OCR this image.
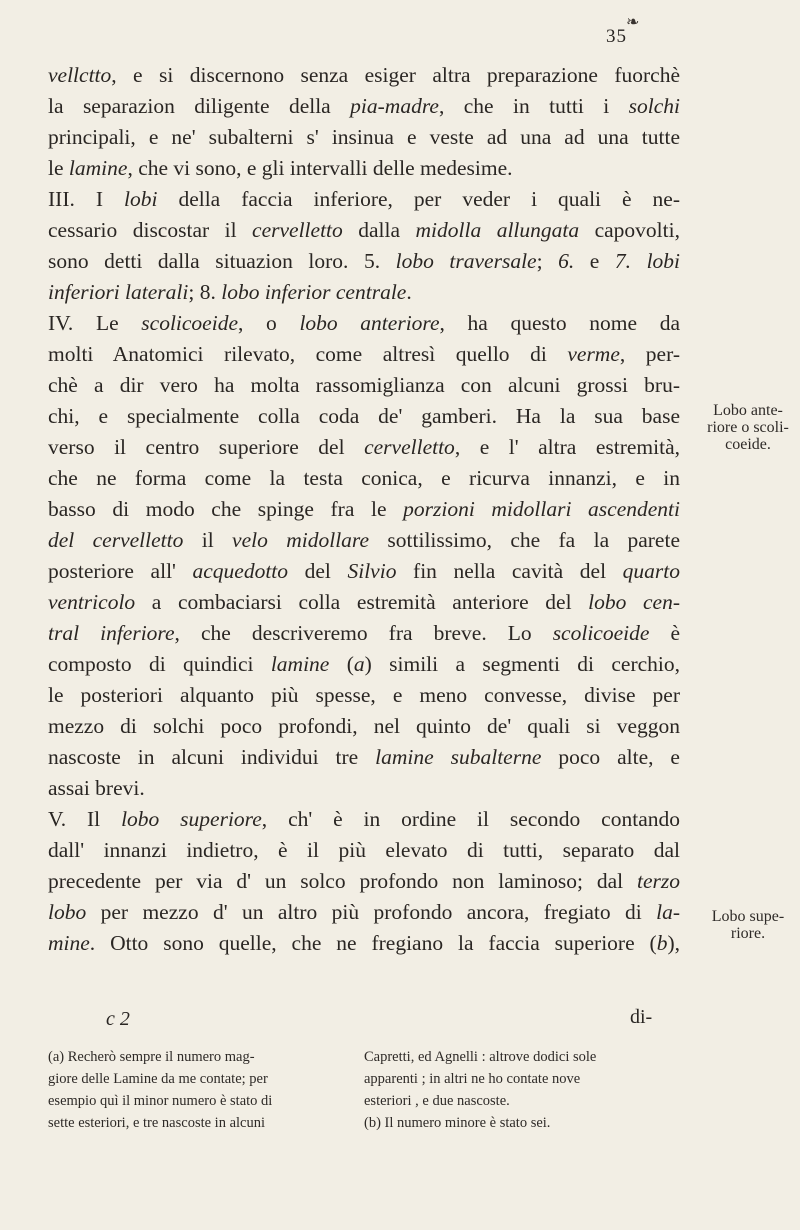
❧
35
vellctto, e si discernono senza esiger altra preparazione fuorchè
la separazion diligente della pia-madre, che in tutti i solchi
principali, e ne' subalterni s' insinua e veste ad una ad una tutte
le lamine, che vi sono, e gli intervalli delle medesime.
III. I lobi della faccia inferiore, per veder i quali è ne-
cessario discostar il cervelletto dalla midolla allungata capovolti,
sono detti dalla situazion loro. 5. lobo traversale; 6. e 7. lobi
inferiori laterali; 8. lobo inferior centrale.
IV. Le scolicoeide, o lobo anteriore, ha questo nome da
molti Anatomici rilevato, come altresì quello di verme, per-
chè a dir vero ha molta rassomiglianza con alcuni grossi bru-
chi, e specialmente colla coda de' gamberi. Ha la sua base
verso il centro superiore del cervelletto, e l' altra estremità,
che ne forma come la testa conica, e ricurva innanzi, e in
basso di modo che spinge fra le porzioni midollari ascendenti
del cervelletto il velo midollare sottilissimo, che fa la parete
posteriore all' acquedotto del Silvio fin nella cavità del quarto
ventricolo a combaciarsi colla estremità anteriore del lobo cen-
tral inferiore, che descriveremo fra breve. Lo scolicoeide è
composto di quindici lamine (a) simili a segmenti di cerchio,
le posteriori alquanto più spesse, e meno convesse, divise per
mezzo di solchi poco profondi, nel quinto de' quali si veggon
nascoste in alcuni individui tre lamine subalterne poco alte, e
assai brevi.
V. Il lobo superiore, ch' è in ordine il secondo contando
dall' innanzi indietro, è il più elevato di tutti, separato dal
precedente per via d' un solco profondo non laminoso; dal terzo
lobo per mezzo d' un altro più profondo ancora, fregiato di la-
mine. Otto sono quelle, che ne fregiano la faccia superiore (b),
Lobo ante-
riore o scoli-
coeide.
Lobo supe-
riore.
c 2	di-

(a) Recherò sempre il numero mag-

giore delle Lamine da me contate; per

esempio quì il minor numero è stato di

sette esteriori, e tre nascoste in alcuni

Capretti, ed Agnelli : altrove dodici sole

apparenti ; in altri ne ho contate nove

esteriori , e due nascoste.

(b) Il numero minore è stato sei.
